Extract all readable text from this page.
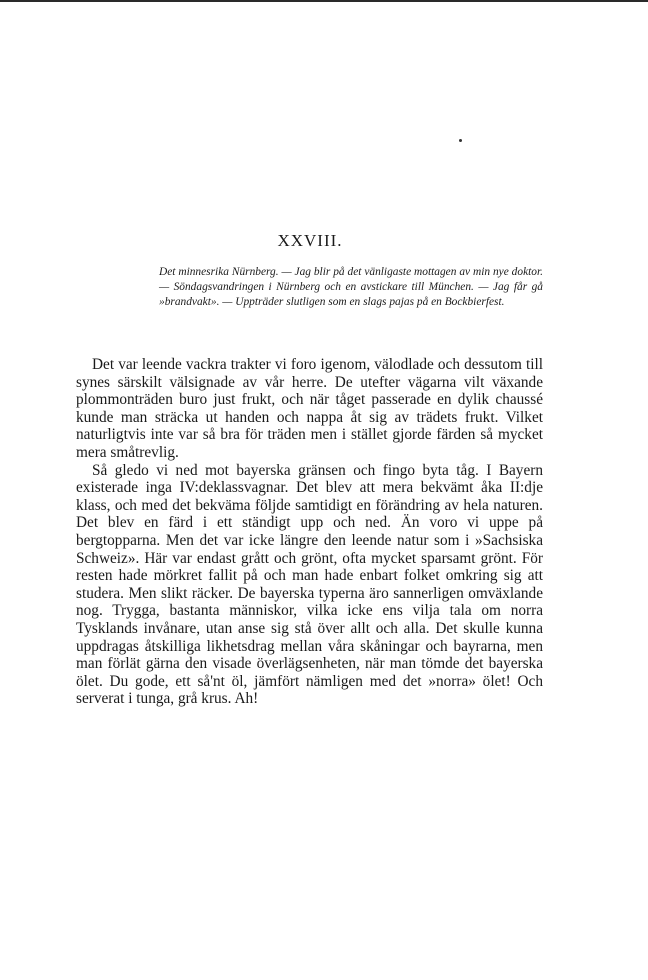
XXVIII.

Det minnesrika Nürnberg. — Jag blir på det vänligaste mottagen av min nye doktor. — Söndagsvandringen i Nürnberg och en avstickare till München. — Jag får gå »brandvakt». — Uppträder slutligen som en slags pajas på en Bockbierfest.

Det var leende vackra trakter vi foro igenom, välodlade och dessutom till synes särskilt välsignade av vår herre. De utefter vägarna vilt växande plommonträden buro just frukt, och när tåget passerade en dylik chaussé kunde man sträcka ut handen och nappa åt sig av trädets frukt. Vilket naturligtvis inte var så bra för träden men i stället gjorde färden så mycket mera småtrevlig.

Så gledo vi ned mot bayerska gränsen och fingo byta tåg. I Bayern existerade inga IV:deklassvagnar. Det blev att mera bekvämt åka II:dje klass, och med det bekväma följde samtidigt en förändring av hela naturen. Det blev en färd i ett ständigt upp och ned. Än voro vi uppe på bergtopparna. Men det var icke längre den leende natur som i »Sachsiska Schweiz». Här var endast grått och grönt, ofta mycket sparsamt grönt. För resten hade mörkret fallit på och man hade enbart folket omkring sig att studera. Men slikt räcker. De bayerska typerna äro sannerligen omväxlande nog. Trygga, bastanta människor, vilka icke ens vilja tala om norra Tysklands invånare, utan anse sig stå över allt och alla. Det skulle kunna uppdragas åtskilliga likhetsdrag mellan våra skåningar och bayrarna, men man förlät gärna den visade överlägsenheten, när man tömde det bayerska ölet. Du gode, ett så'nt öl, jämfört nämligen med det »norra» ölet! Och serverat i tunga, grå krus. Ah!
